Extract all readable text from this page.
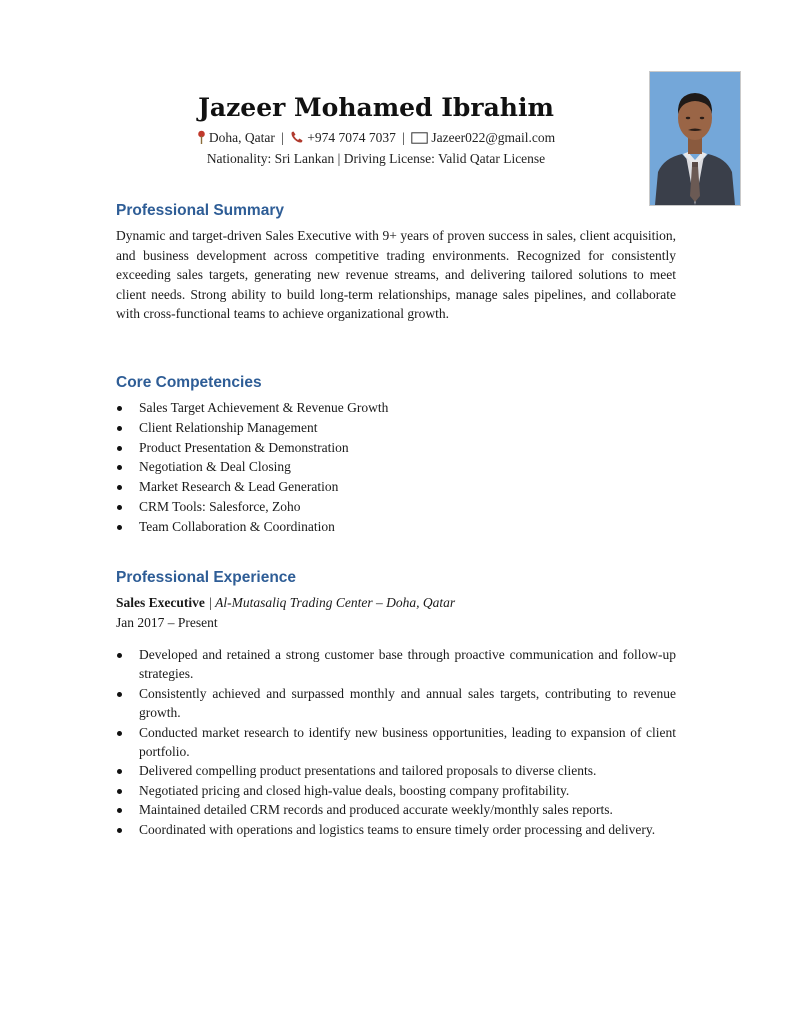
Jazeer Mohamed Ibrahim
Doha, Qatar | +974 7074 7037 | Jazeer022@gmail.com
Nationality: Sri Lankan | Driving License: Valid Qatar License
Professional Summary

Dynamic and target-driven Sales Executive with 9+ years of proven success in sales, client acquisition, and business development across competitive trading environments. Recognized for consistently exceeding sales targets, generating new revenue streams, and delivering tailored solutions to meet client needs. Strong ability to build long-term relationships, manage sales pipelines, and collaborate with cross-functional teams to achieve organizational growth.

Core Competencies
Sales Target Achievement & Revenue Growth
Client Relationship Management
Product Presentation & Demonstration
Negotiation & Deal Closing
Market Research & Lead Generation
CRM Tools: Salesforce, Zoho
Team Collaboration & Coordination
Professional Experience
Sales Executive | Al-Mutasaliq Trading Center – Doha, Qatar
Jan 2017 – Present
Developed and retained a strong customer base through proactive communication and follow-up strategies.
Consistently achieved and surpassed monthly and annual sales targets, contributing to revenue growth.
Conducted market research to identify new business opportunities, leading to expansion of client portfolio.
Delivered compelling product presentations and tailored proposals to diverse clients.
Negotiated pricing and closed high-value deals, boosting company profitability.
Maintained detailed CRM records and produced accurate weekly/monthly sales reports.
Coordinated with operations and logistics teams to ensure timely order processing and delivery.
